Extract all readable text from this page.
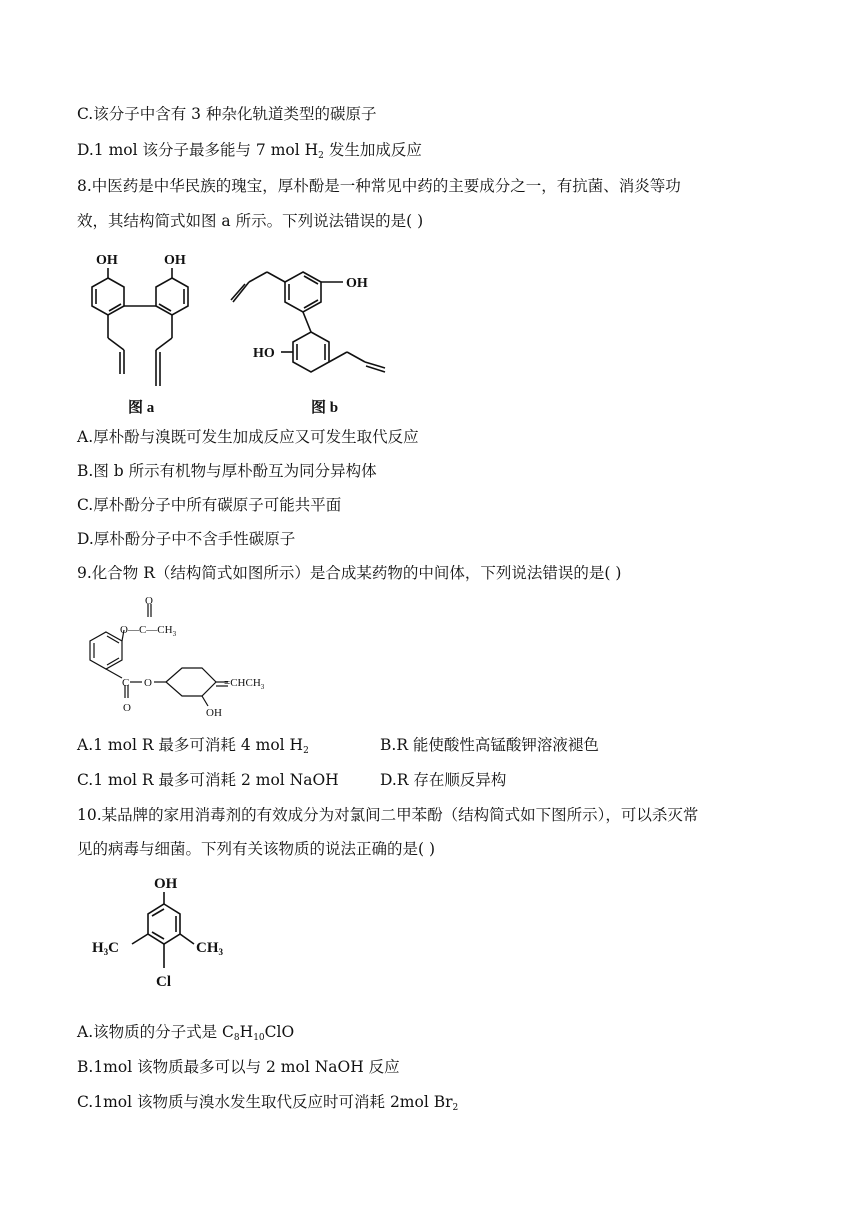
C.该分子中含有 3 种杂化轨道类型的碳原子
D.1 mol 该分子最多能与 7 mol $H_2$ 发生加成反应
8.中医药是中华民族的瑰宝，厚朴酚是一种常见中药的主要成分之一，有抗菌、消炎等功
效，其结构简式如图 a 所示。下列说法错误的是( )
OH	OH
图 a
OH
HO
图 b
A.厚朴酚与溴既可发生加成反应又可发生取代反应
B.图 b 所示有机物与厚朴酚互为同分异构体
C.厚朴酚分子中所有碳原子可能共平面
D.厚朴酚分子中不含手性碳原子
9.化合物 R（结构简式如图所示）是合成某药物的中间体，下列说法错误的是( )
O
$O—C—CH_3$
C O
O
$=CHCH_3$
OH
A.1 mol R 最多可消耗 4 mol $H_2$	B.R 能使酸性高锰酸钾溶液褪色
C.1 mol R 最多可消耗 2 mol NaOH	D.R 存在顺反异构
10.某品牌的家用消毒剂的有效成分为对氯间二甲苯酚（结构简式如下图所示），可以杀灭常
见的病毒与细菌。下列有关该物质的说法正确的是( )
OH
$H_3C$	$CH_3$
Cl
A.该物质的分子式是 $C_8H_{10}ClO$
B.1mol 该物质最多可以与 2 mol NaOH 反应
C.1mol 该物质与溴水发生取代反应时可消耗 2mol $Br_2$
